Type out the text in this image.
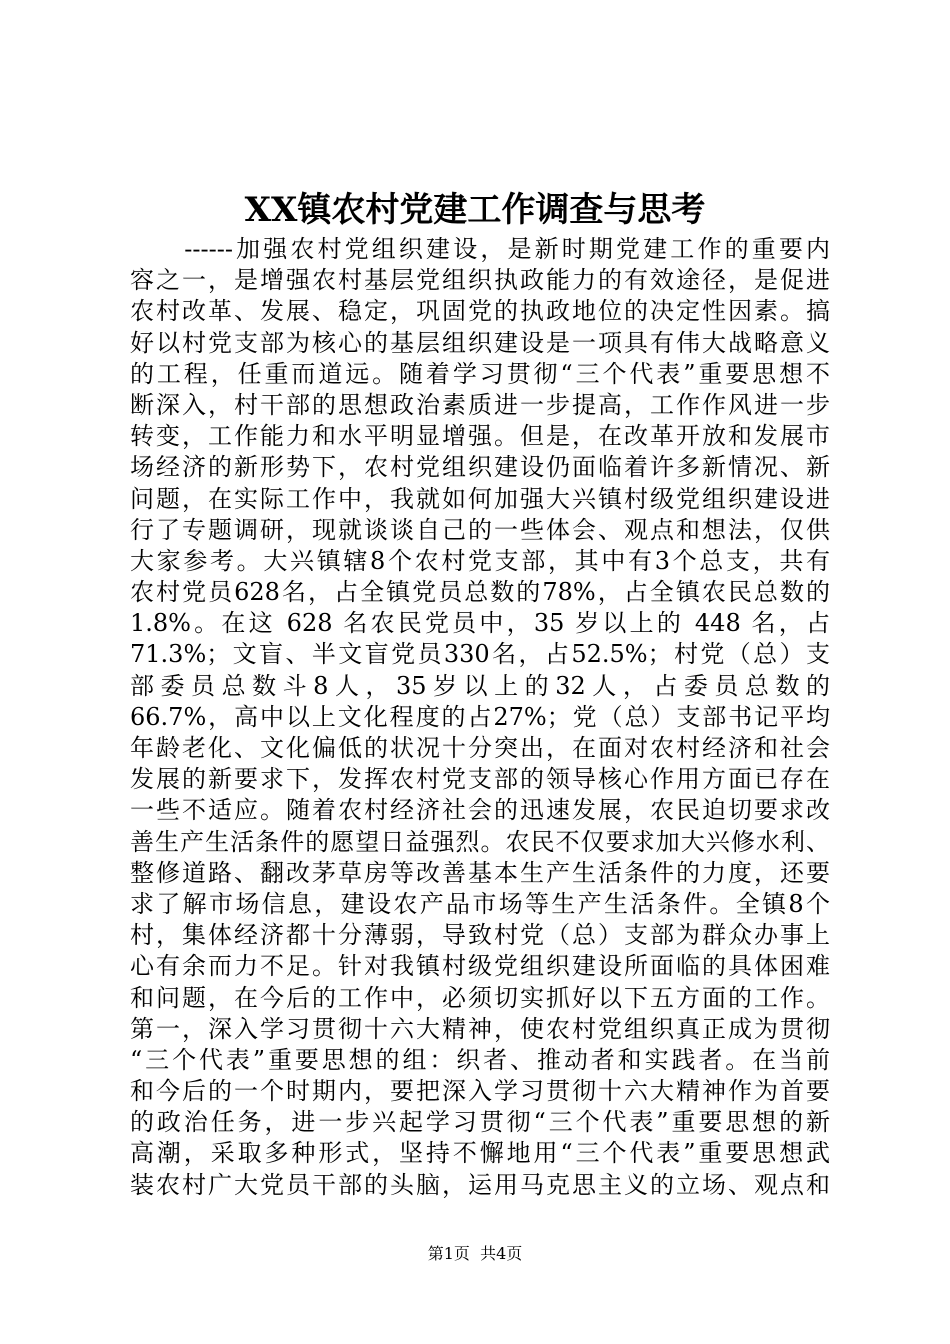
XX镇农村党建工作调查与思考
　　------加强农村党组织建设，是新时期党建工作的重要内
容之一，是增强农村基层党组织执政能力的有效途径，是促进
农村改革、发展、稳定，巩固党的执政地位的决定性因素。搞
好以村党支部为核心的基层组织建设是一项具有伟大战略意义
的工程，任重而道远。随着学习贯彻“三个代表”重要思想不
断深入，村干部的思想政治素质进一步提高，工作作风进一步
转变，工作能力和水平明显增强。但是，在改革开放和发展市
场经济的新形势下，农村党组织建设仍面临着许多新情况、新
问题，在实际工作中，我就如何加强大兴镇村级党组织建设进
行了专题调研，现就谈谈自己的一些体会、观点和想法，仅供
大家参考。大兴镇辖8个农村党支部，其中有3个总支，共有
农村党员628名，占全镇党员总数的78%，占全镇农民总数的
1.8%。在这 628 名农民党员中，35 岁以上的 448 名，占
71.3%；文盲、半文盲党员330名，占52.5%；村党（总）支
部委员总数斗8人，35岁以上的32人，占委员总数的
66.7%，高中以上文化程度的占27%；党（总）支部书记平均
年龄老化、文化偏低的状况十分突出，在面对农村经济和社会
发展的新要求下，发挥农村党支部的领导核心作用方面已存在
一些不适应。随着农村经济社会的迅速发展，农民迫切要求改
善生产生活条件的愿望日益强烈。农民不仅要求加大兴修水利、
整修道路、翻改茅草房等改善基本生产生活条件的力度，还要
求了解市场信息，建设农产品市场等生产生活条件。全镇8个
村，集体经济都十分薄弱，导致村党（总）支部为群众办事上
心有余而力不足。针对我镇村级党组织建设所面临的具体困难
和问题，在今后的工作中，必须切实抓好以下五方面的工作。
第一，深入学习贯彻十六大精神，使农村党组织真正成为贯彻
“三个代表”重要思想的组：织者、推动者和实践者。在当前
和今后的一个时期内，要把深入学习贯彻十六大精神作为首要
的政治任务，进一步兴起学习贯彻“三个代表”重要思想的新
高潮，采取多种形式，坚持不懈地用“三个代表”重要思想武
装农村广大党员干部的头脑，运用马克思主义的立场、观点和
第1页 共4页
